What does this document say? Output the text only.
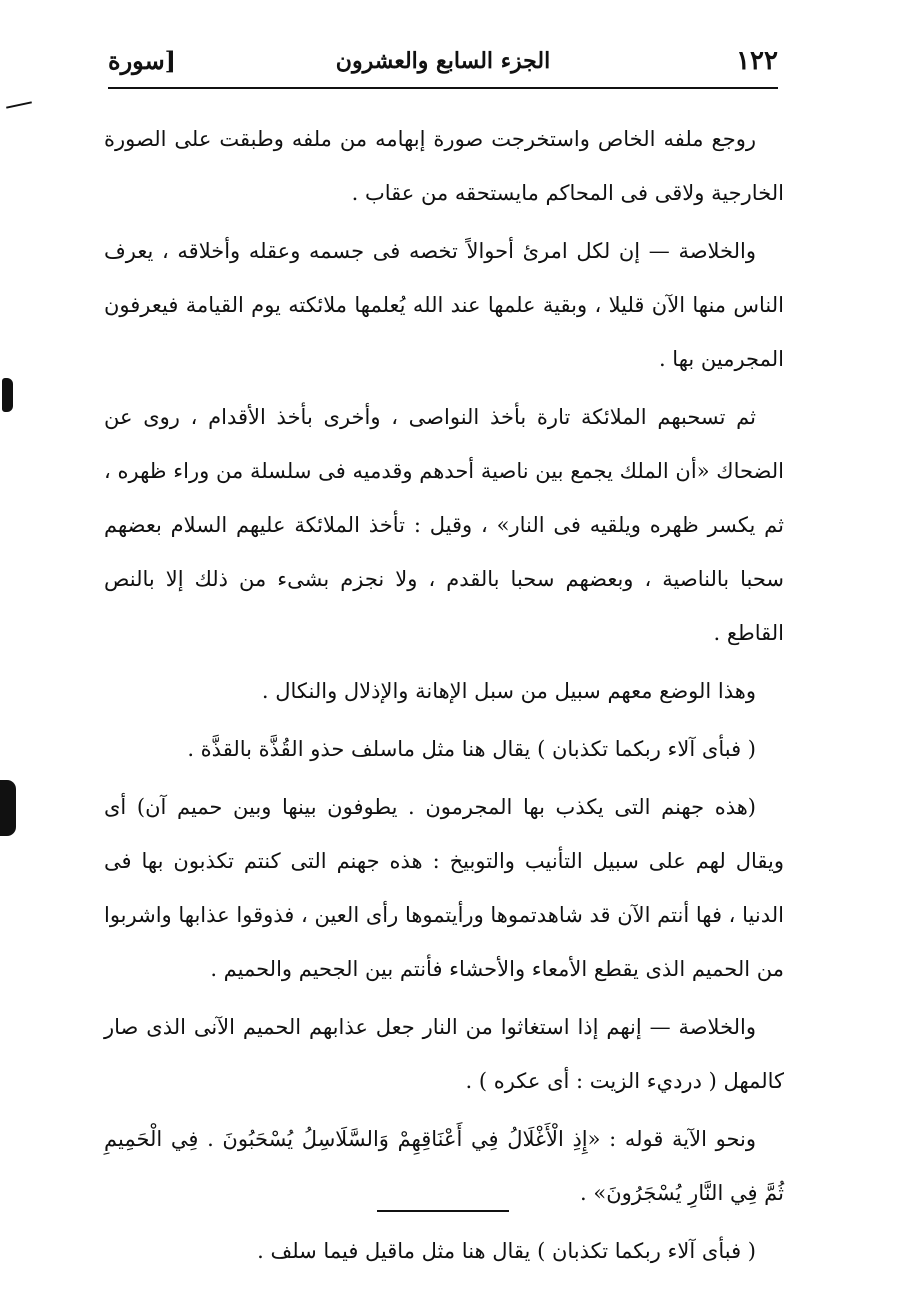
١٢٢
الجزء السابع والعشرون
[سورة

روجع ملفه الخاص واستخرجت صورة إبهامه من ملفه وطبقت على الصورة الخارجية ولاقى فى المحاكم مايستحقه من عقاب .

والخلاصة — إن لكل امرئ أحوالاً تخصه فى جسمه وعقله وأخلاقه ، يعرف الناس منها الآن قليلا ، وبقية علمها عند الله يُعلمها ملائكته يوم القيامة فيعرفون المجرمين بها .

ثم تسحبهم الملائكة تارة بأخذ النواصى ، وأخرى بأخذ الأقدام ، روى عن الضحاك «أن الملك يجمع بين ناصية أحدهم وقدميه فى سلسلة من وراء ظهره ، ثم يكسر ظهره ويلقيه فى النار» ، وقيل : تأخذ الملائكة عليهم السلام بعضهم سحبا بالناصية ، وبعضهم سحبا بالقدم ، ولا نجزم بشىء من ذلك إلا بالنص القاطع .

وهذا الوضع معهم سبيل من سبل الإهانة والإذلال والنكال .

( فبأى آلاء ربكما تكذبان ) يقال هنا مثل ماسلف حذو القُذَّة بالقذَّة .

(هذه جهنم التى يكذب بها المجرمون . يطوفون بينها وبين حميم آن) أى ويقال لهم على سبيل التأنيب والتوبيخ : هذه جهنم التى كنتم تكذبون بها فى الدنيا ، فها أنتم الآن قد شاهدتموها ورأيتموها رأى العين ، فذوقوا عذابها واشربوا من الحميم الذى يقطع الأمعاء والأحشاء فأنتم بين الجحيم والحميم .

والخلاصة — إنهم إذا استغاثوا من النار جعل عذابهم الحميم الآنى الذى صار كالمهل ( درديء الزيت : أى عكره ) .

ونحو الآية قوله : «إِذِ الْأَغْلَالُ فِي أَعْنَاقِهِمْ وَالسَّلَاسِلُ يُسْحَبُونَ . فِي الْحَمِيمِ ثُمَّ فِي النَّارِ يُسْجَرُونَ» .

( فبأى آلاء ربكما تكذبان ) يقال هنا مثل ماقيل فيما سلف .
